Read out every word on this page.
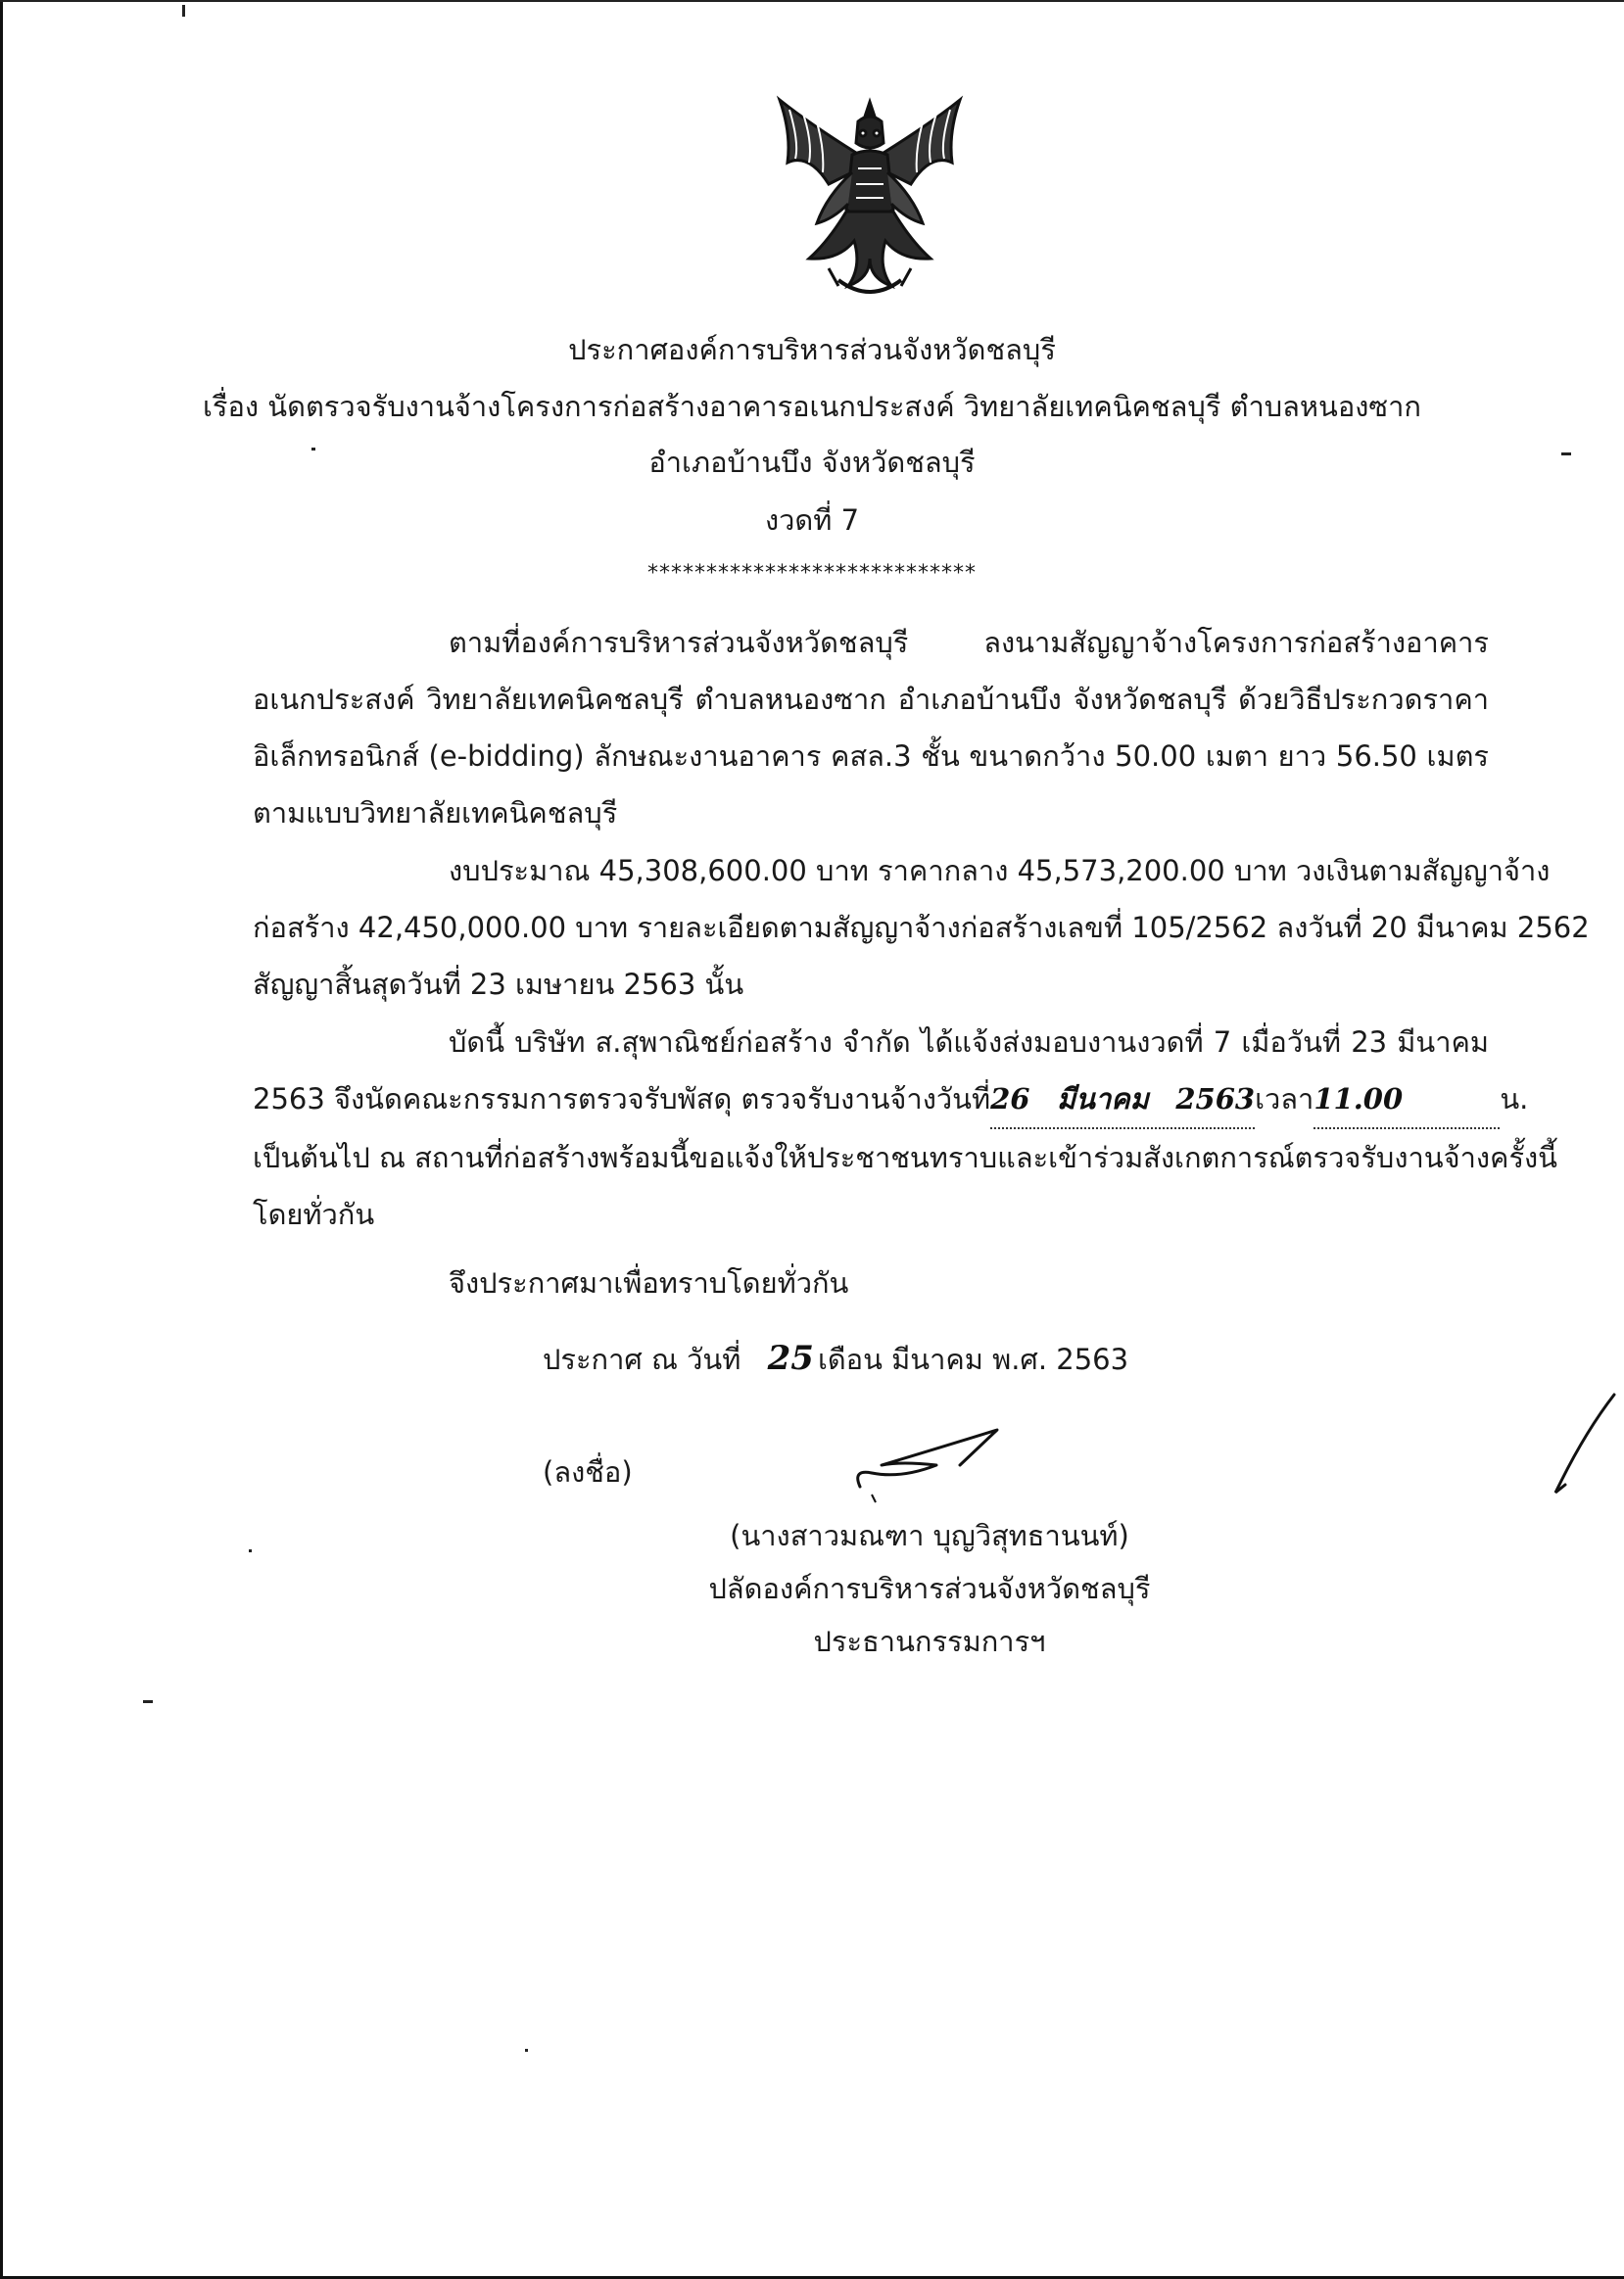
ประกาศองค์การบริหารส่วนจังหวัดชลบุรี
เรื่อง นัดตรวจรับงานจ้างโครงการก่อสร้างอาคารอเนกประสงค์ วิทยาลัยเทคนิคชลบุรี ตำบลหนองซาก
อำเภอบ้านบึง จังหวัดชลบุรี
งวดที่ 7
****************************
ตามที่องค์การบริหารส่วนจังหวัดชลบุรี ลงนามสัญญาจ้างโครงการก่อสร้างอาคาร
อเนกประสงค์ วิทยาลัยเทคนิคชลบุรี ตำบลหนองซาก อำเภอบ้านบึง จังหวัดชลบุรี ด้วยวิธีประกวดราคา
อิเล็กทรอนิกส์ (e-bidding) ลักษณะงานอาคาร คสล.3 ชั้น ขนาดกว้าง 50.00 เมตา ยาว 56.50 เมตร
ตามแบบวิทยาลัยเทคนิคชลบุรี
งบประมาณ 45,308,600.00 บาท ราคากลาง 45,573,200.00 บาท วงเงินตามสัญญาจ้าง
ก่อสร้าง 42,450,000.00 บาท รายละเอียดตามสัญญาจ้างก่อสร้างเลขที่ 105/2562 ลงวันที่ 20 มีนาคม 2562
สัญญาสิ้นสุดวันที่ 23 เมษายน 2563 นั้น
บัดนี้ บริษัท ส.สุพาณิชย์ก่อสร้าง จำกัด ได้แจ้งส่งมอบงานงวดที่ 7 เมื่อวันที่ 23 มีนาคม
2563 จึงนัดคณะกรรมการตรวจรับพัสดุ ตรวจรับงานจ้างวันที่26 มีนาคม 2563เวลา11.00	น.
เป็นต้นไป ณ สถานที่ก่อสร้างพร้อมนี้ขอแจ้งให้ประชาชนทราบและเข้าร่วมสังเกตการณ์ตรวจรับงานจ้างครั้งนี้
โดยทั่วกัน
จึงประกาศมาเพื่อทราบโดยทั่วกัน
ประกาศ ณ วันที่ 25 เดือน มีนาคม พ.ศ. 2563
(ลงชื่อ)
(นางสาวมณฑา บุญวิสุทธานนท์)
ปลัดองค์การบริหารส่วนจังหวัดชลบุรี
ประธานกรรมการฯ
